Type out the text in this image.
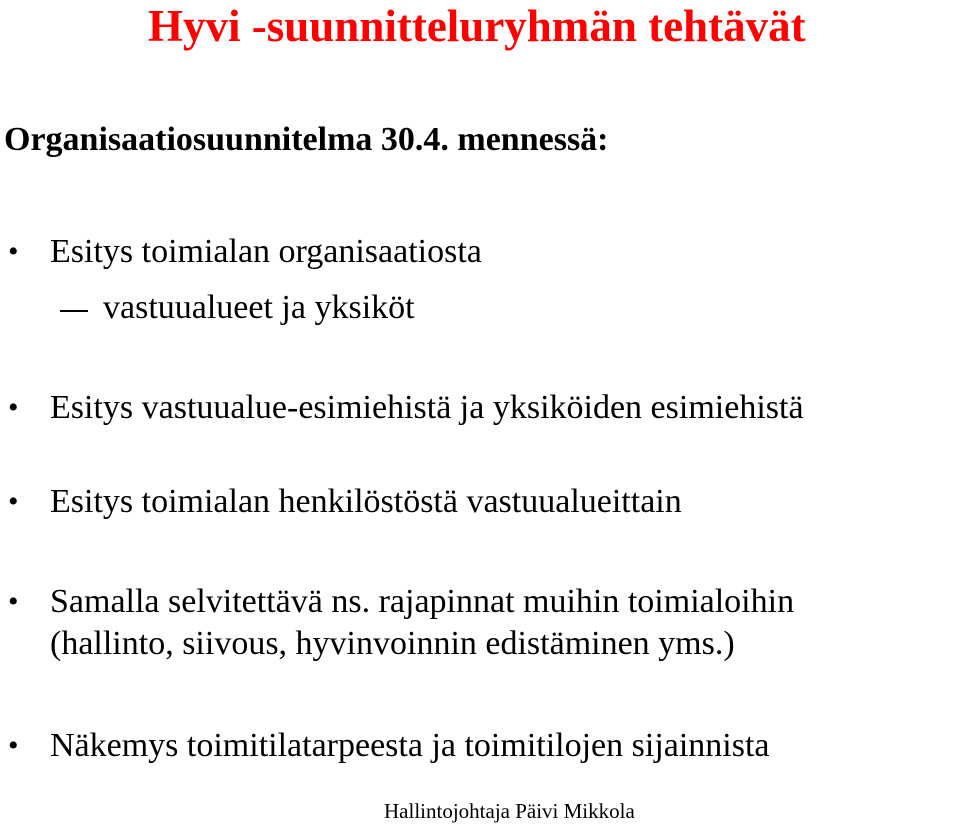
Hyvi -suunnitteluryhmän tehtävät
Organisaatiosuunnitelma 30.4. mennessä:
• Esitys toimialan organisaatiosta
vastuualueet ja yksiköt
• Esitys vastuualue-esimiehistä ja yksiköiden esimiehistä
• Esitys toimialan henkilöstöstä vastuualueittain
• Samalla selvitettävä ns. rajapinnat muihin toimialoihin
(hallinto, siivous, hyvinvoinnin edistäminen yms.)
• Näkemys toimitilatarpeesta ja toimitilojen sijainnista
Hallintojohtaja Päivi Mikkola
